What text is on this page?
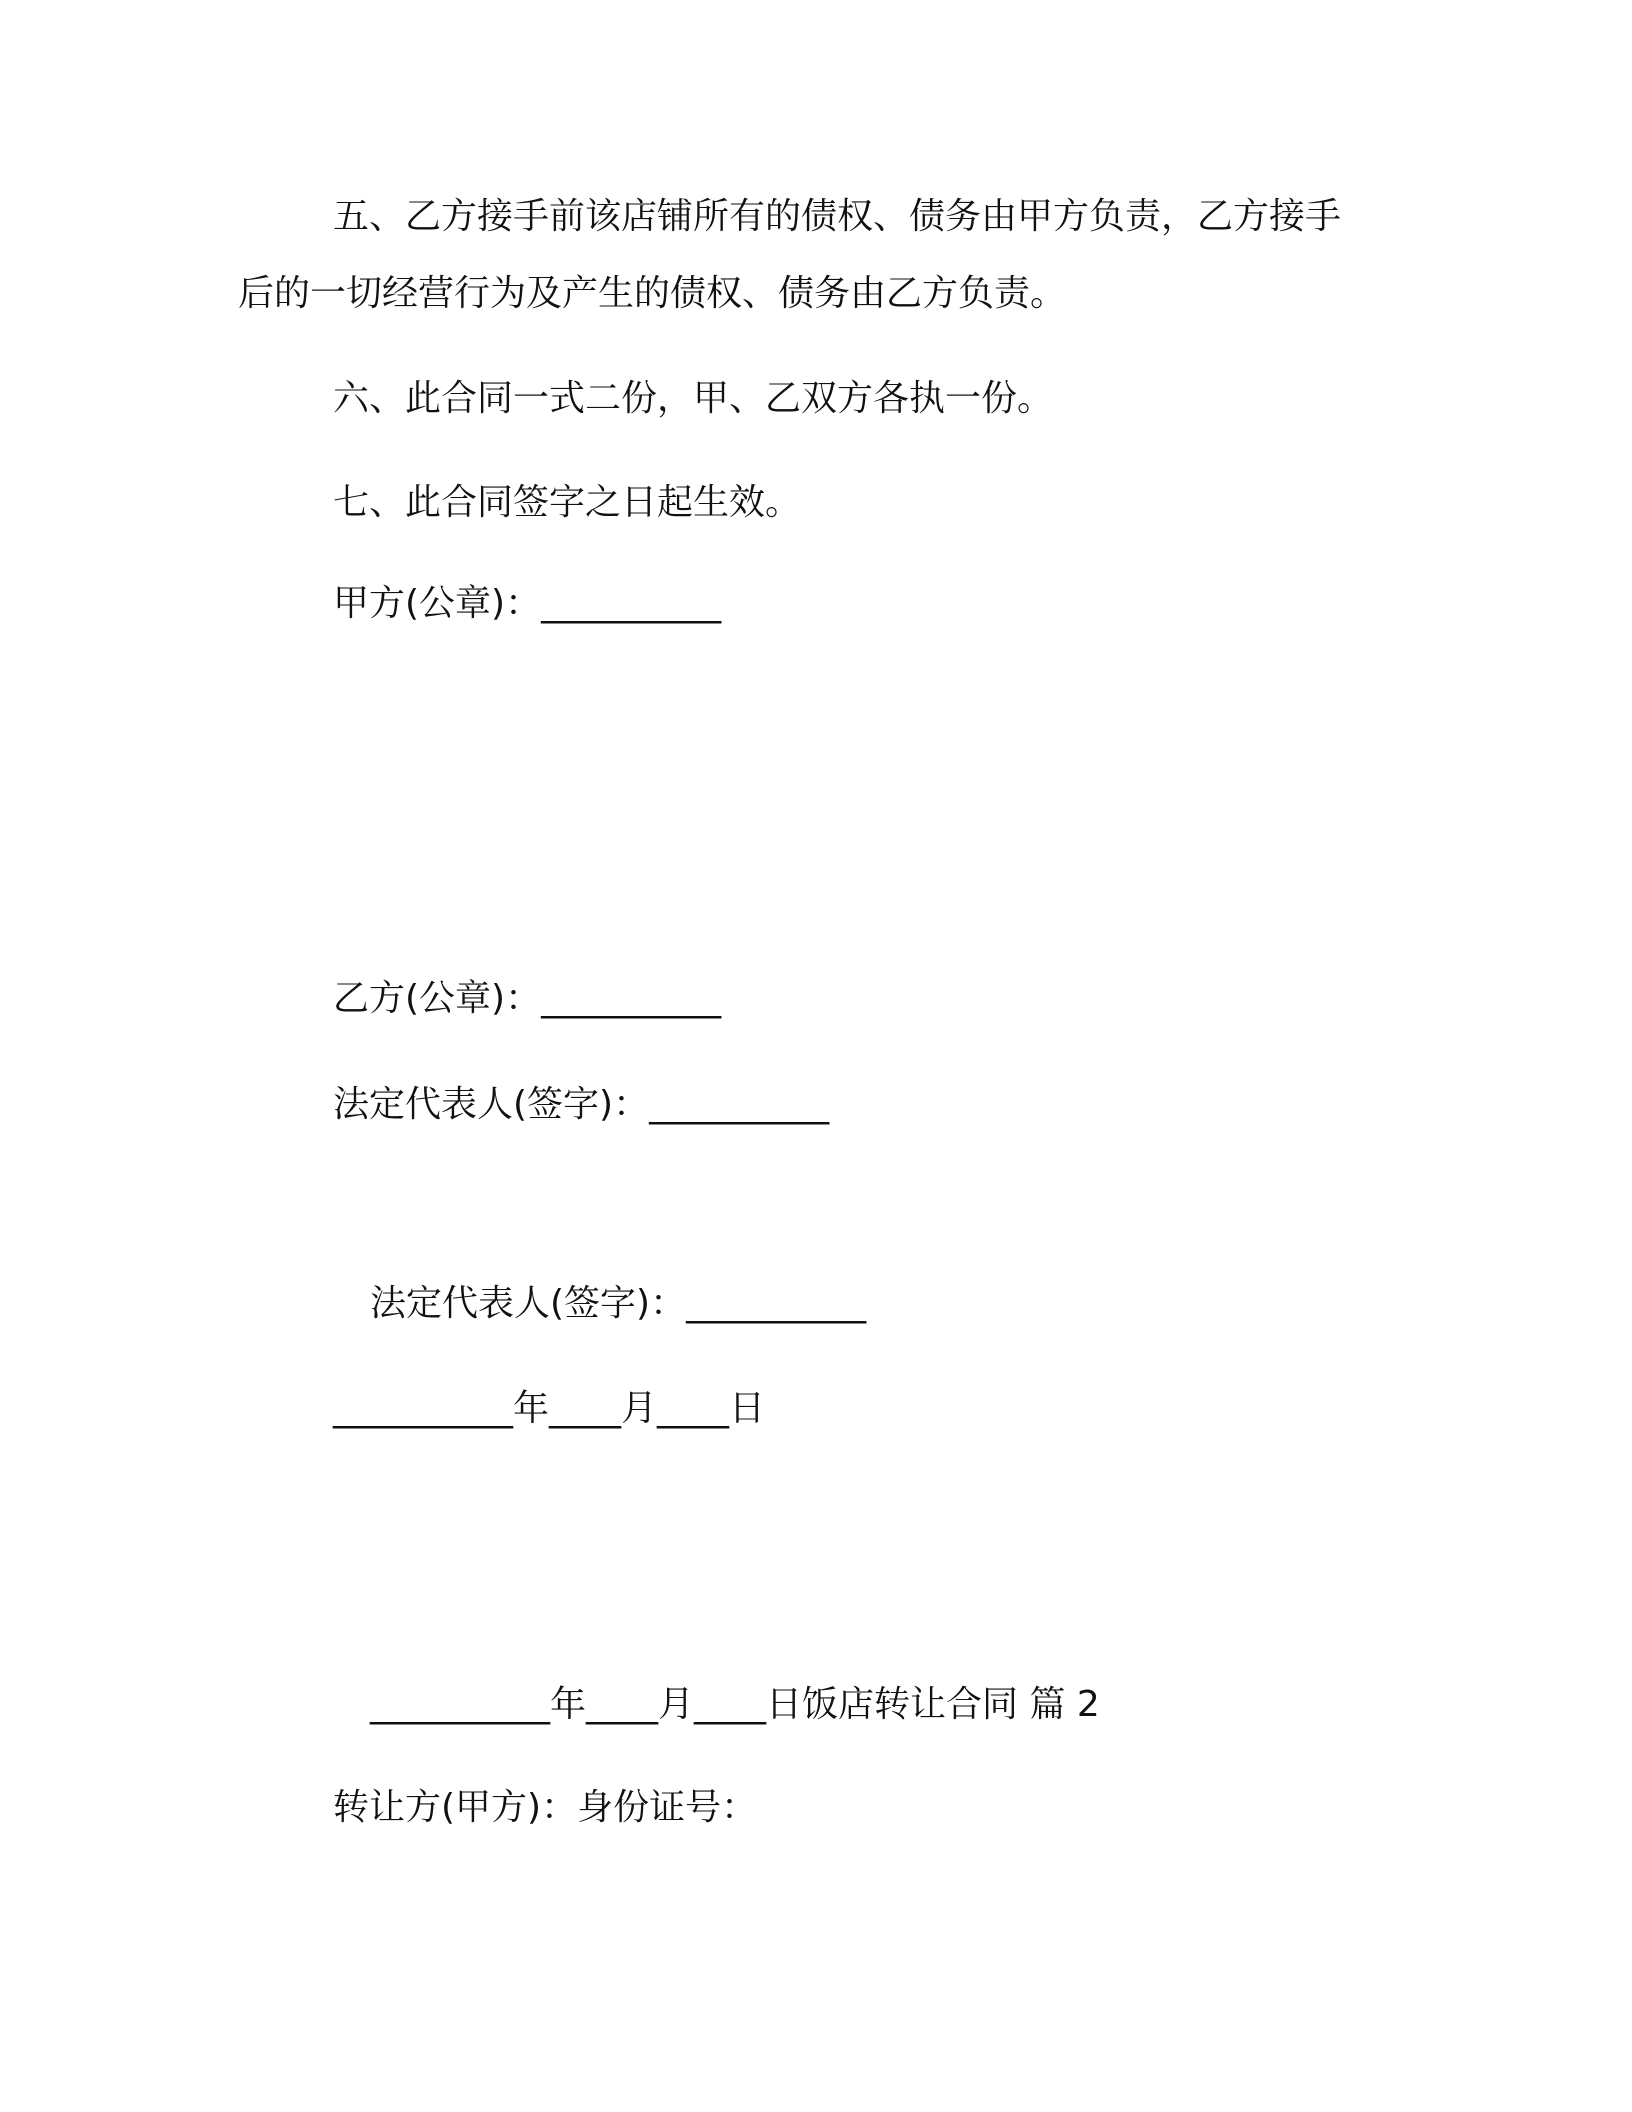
五、乙方接手前该店铺所有的债权、债务由甲方负责，乙方接手
后的一切经营行为及产生的债权、债务由乙方负责。
六、此合同一式二份，甲、乙双方各执一份。
七、此合同签字之日起生效。
甲方(公章)：__________
乙方(公章)：__________
法定代表人(签字)：__________
法定代表人(签字)：__________
__________年____月____日
__________年____月____日饭店转让合同 篇 2
转让方(甲方)：身份证号：
